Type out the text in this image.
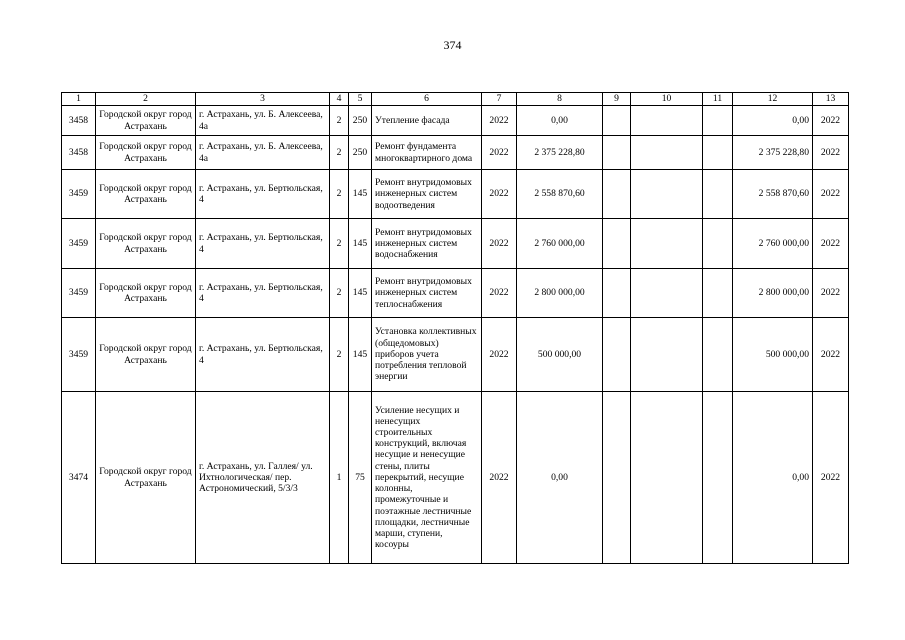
374
1	2	3	4	5	6	7	8	9	10	11	12	13
3458	Городской округ город Астрахань	г. Астрахань, ул. Б. Алексеева, 4а	2	250	Утепление фасада	2022	0,00				0,00	2022
3458	Городской округ город Астрахань	г. Астрахань, ул. Б. Алексеева, 4а	2	250	Ремонт фундамента многоквартирного дома	2022	2 375 228,80				2 375 228,80	2022
3459	Городской округ город Астрахань	г. Астрахань, ул. Бертюльская, 4	2	145	Ремонт внутридомовых инженерных систем водоотведения	2022	2 558 870,60				2 558 870,60	2022
3459	Городской округ город Астрахань	г. Астрахань, ул. Бертюльская, 4	2	145	Ремонт внутридомовых инженерных систем водоснабжения	2022	2 760 000,00				2 760 000,00	2022
3459	Городской округ город Астрахань	г. Астрахань, ул. Бертюльская, 4	2	145	Ремонт внутридомовых инженерных систем теплоснабжения	2022	2 800 000,00				2 800 000,00	2022
3459	Городской округ город Астрахань	г. Астрахань, ул. Бертюльская, 4	2	145	Установка коллективных (общедомовых) приборов учета потребления тепловой энергии	2022	500 000,00				500 000,00	2022
3474	Городской округ город Астрахань	г. Астрахань, ул. Галлея/ ул. Ихтнологическая/ пер. Астрономический, 5/3/3	1	75	Усиление несущих и ненесущих строительных конструкций, включая несущие и ненесущие стены, плиты перекрытий, несущие колонны, промежуточные и поэтажные лестничные площадки, лестничные марши, ступени, косоуры	2022	0,00				0,00	2022
